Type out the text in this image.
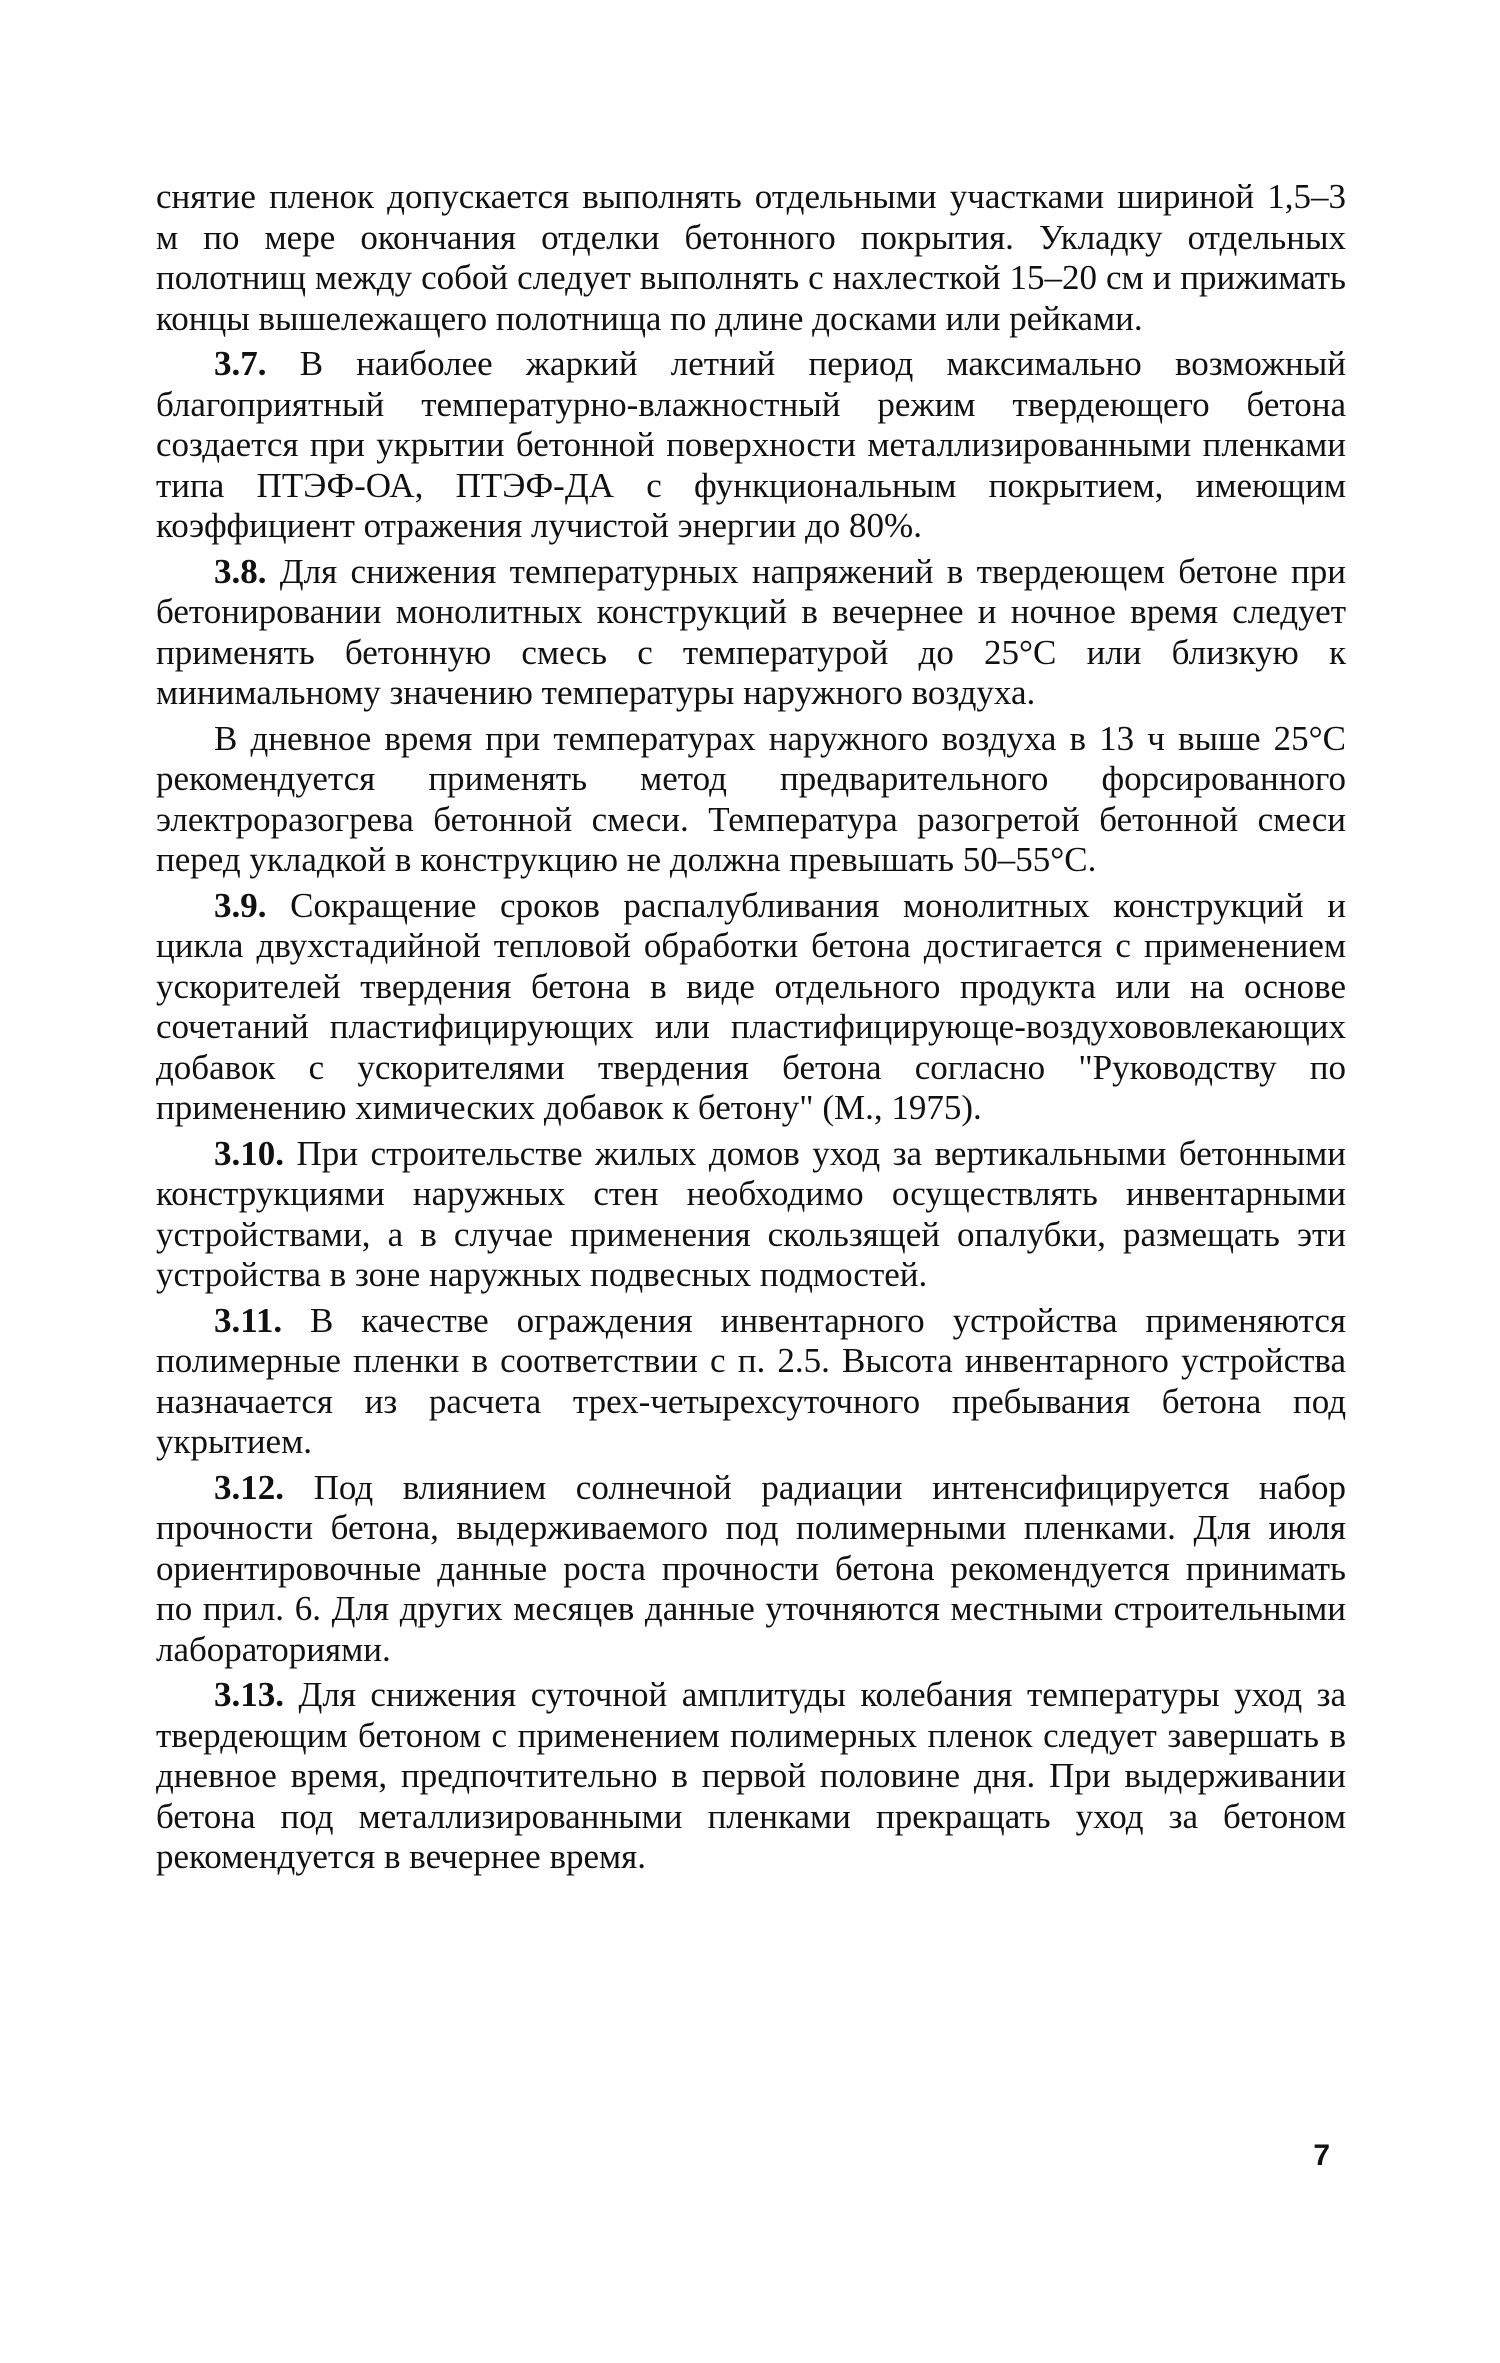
снятие пленок допускается выполнять отдельными участками шириной 1,5–3 м по мере окончания отделки бетонного покрытия. Укладку отдельных полотнищ между собой следует выполнять с нахлесткой 15–20 см и прижимать концы вышележащего полотнища по длине досками или рейками.

3.7. В наиболее жаркий летний период максимально возможный благоприятный температурно-влажностный режим твердеющего бетона создается при укрытии бетонной поверхности металлизированными пленками типа ПТЭФ-ОА, ПТЭФ-ДА с функциональным покрытием, имеющим коэффициент отражения лучистой энергии до 80%.

3.8. Для снижения температурных напряжений в твердеющем бетоне при бетонировании монолитных конструкций в вечернее и ночное время следует применять бетонную смесь с температурой до 25°С или близкую к минимальному значению температуры наружного воздуха.

В дневное время при температурах наружного воздуха в 13 ч выше 25°С рекомендуется применять метод предварительного форсированного электроразогрева бетонной смеси. Температура разогретой бетонной смеси перед укладкой в конструкцию не должна превышать 50–55°С.

3.9. Сокращение сроков распалубливания монолитных конструкций и цикла двухстадийной тепловой обработки бетона достигается с применением ускорителей твердения бетона в виде отдельного продукта или на основе сочетаний пластифицирующих или пластифицирующе-воздухововлекающих добавок с ускорителями твердения бетона согласно "Руководству по применению химических добавок к бетону" (М., 1975).

3.10. При строительстве жилых домов уход за вертикальными бетонными конструкциями наружных стен необходимо осуществлять инвентарными устройствами, а в случае применения скользящей опалубки, размещать эти устройства в зоне наружных подвесных подмостей.

3.11. В качестве ограждения инвентарного устройства применяются полимерные пленки в соответствии с п. 2.5. Высота инвентарного устройства назначается из расчета трех-четырехсуточного пребывания бетона под укрытием.

3.12. Под влиянием солнечной радиации интенсифицируется набор прочности бетона, выдерживаемого под полимерными пленками. Для июля ориентировочные данные роста прочности бетона рекомендуется принимать по прил. 6. Для других месяцев данные уточняются местными строительными лабораториями.

3.13. Для снижения суточной амплитуды колебания температуры уход за твердеющим бетоном с применением полимерных пленок следует завершать в дневное время, предпочтительно в первой половине дня. При выдерживании бетона под металлизированными пленками прекращать уход за бетоном рекомендуется в вечернее время.

7
